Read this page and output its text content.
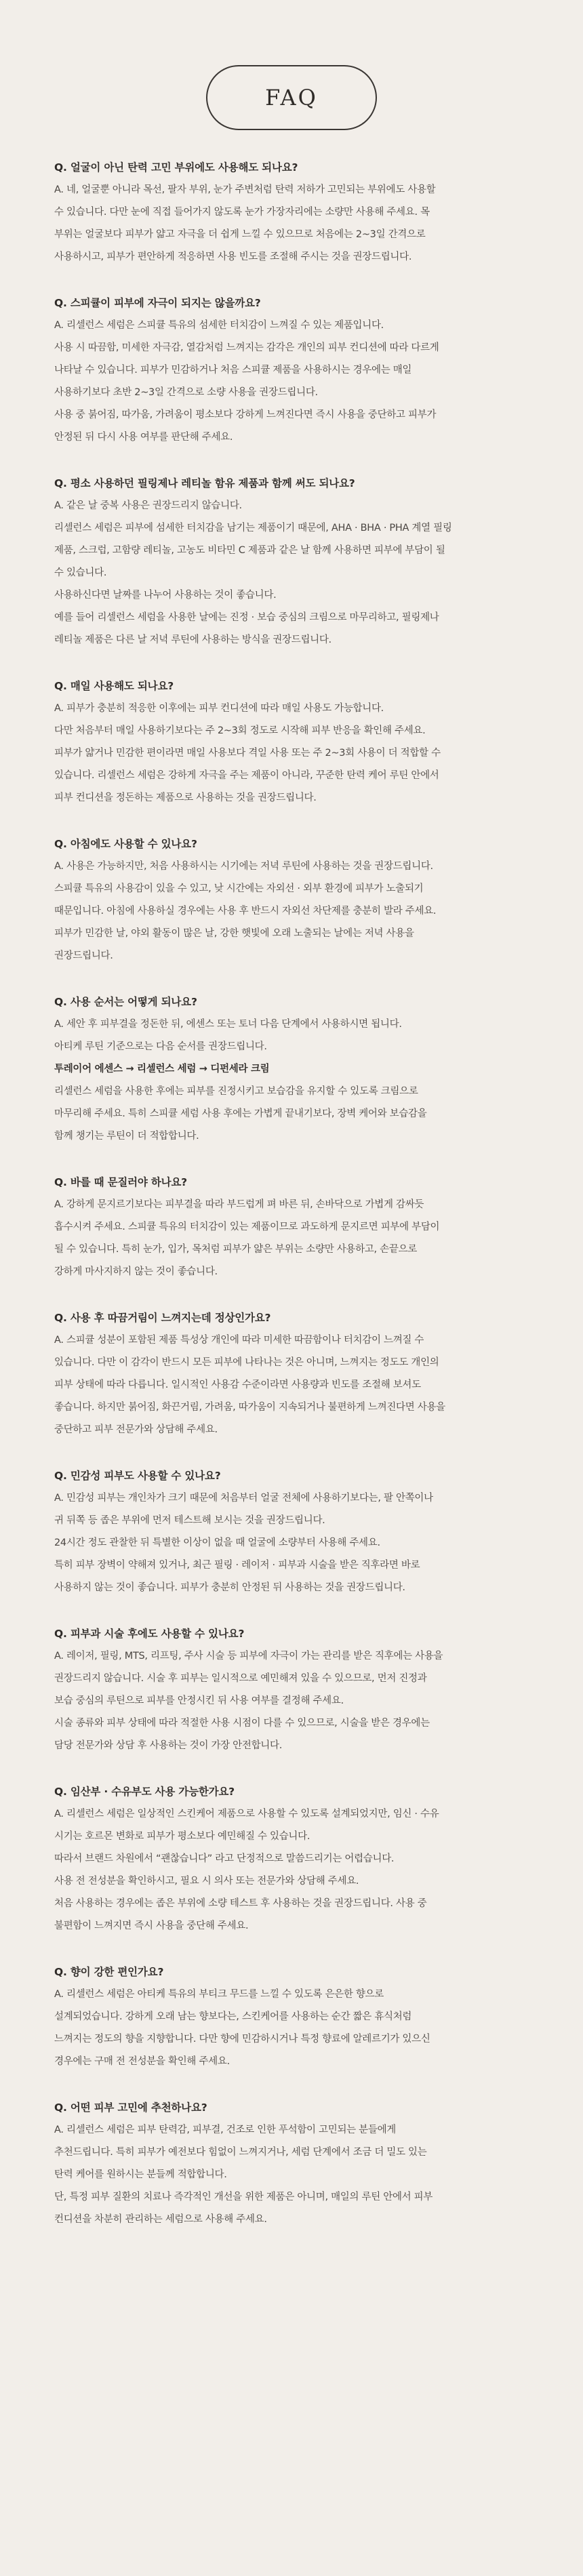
FAQ

Q. 얼굴이 아닌 탄력 고민 부위에도 사용해도 되나요?

A. 네, 얼굴뿐 아니라 목선, 팔자 부위, 눈가 주변처럼 탄력 저하가 고민되는 부위에도 사용할

수 있습니다. 다만 눈에 직접 들어가지 않도록 눈가 가장자리에는 소량만 사용해 주세요. 목

부위는 얼굴보다 피부가 얇고 자극을 더 쉽게 느낄 수 있으므로 처음에는 2~3일 간격으로

사용하시고, 피부가 편안하게 적응하면 사용 빈도를 조절해 주시는 것을 권장드립니다.

Q. 스피큘이 피부에 자극이 되지는 않을까요?

A. 리셀런스 세럼은 스피큘 특유의 섬세한 터치감이 느껴질 수 있는 제품입니다.

사용 시 따끔함, 미세한 자극감, 열감처럼 느껴지는 감각은 개인의 피부 컨디션에 따라 다르게

나타날 수 있습니다. 피부가 민감하거나 처음 스피큘 제품을 사용하시는 경우에는 매일

사용하기보다 초반 2~3일 간격으로 소량 사용을 권장드립니다.

사용 중 붉어짐, 따가움, 가려움이 평소보다 강하게 느껴진다면 즉시 사용을 중단하고 피부가

안정된 뒤 다시 사용 여부를 판단해 주세요.

Q. 평소 사용하던 필링제나 레티놀 함유 제품과 함께 써도 되나요?

A. 같은 날 중복 사용은 권장드리지 않습니다.

리셀런스 세럼은 피부에 섬세한 터치감을 남기는 제품이기 때문에, AHA · BHA · PHA 계열 필링

제품, 스크럽, 고함량 레티놀, 고농도 비타민 C 제품과 같은 날 함께 사용하면 피부에 부담이 될

수 있습니다.

사용하신다면 날짜를 나누어 사용하는 것이 좋습니다.

예를 들어 리셀런스 세럼을 사용한 날에는 진정 · 보습 중심의 크림으로 마무리하고, 필링제나

레티놀 제품은 다른 날 저녁 루틴에 사용하는 방식을 권장드립니다.

Q. 매일 사용해도 되나요?

A. 피부가 충분히 적응한 이후에는 피부 컨디션에 따라 매일 사용도 가능합니다.

다만 처음부터 매일 사용하기보다는 주 2~3회 정도로 시작해 피부 반응을 확인해 주세요.

피부가 얇거나 민감한 편이라면 매일 사용보다 격일 사용 또는 주 2~3회 사용이 더 적합할 수

있습니다. 리셀런스 세럼은 강하게 자극을 주는 제품이 아니라, 꾸준한 탄력 케어 루틴 안에서

피부 컨디션을 정돈하는 제품으로 사용하는 것을 권장드립니다.

Q. 아침에도 사용할 수 있나요?

A. 사용은 가능하지만, 처음 사용하시는 시기에는 저녁 루틴에 사용하는 것을 권장드립니다.

스피큘 특유의 사용감이 있을 수 있고, 낮 시간에는 자외선 · 외부 환경에 피부가 노출되기

때문입니다. 아침에 사용하실 경우에는 사용 후 반드시 자외선 차단제를 충분히 발라 주세요.

피부가 민감한 날, 야외 활동이 많은 날, 강한 햇빛에 오래 노출되는 날에는 저녁 사용을

권장드립니다.

Q. 사용 순서는 어떻게 되나요?

A. 세안 후 피부결을 정돈한 뒤, 에센스 또는 토너 다음 단계에서 사용하시면 됩니다.

아티케 루틴 기준으로는 다음 순서를 권장드립니다.

투레이어 에센스 → 리셀런스 세럼 → 디펀세라 크림

리셀런스 세럼을 사용한 후에는 피부를 진정시키고 보습감을 유지할 수 있도록 크림으로

마무리해 주세요. 특히 스피큘 세럼 사용 후에는 가볍게 끝내기보다, 장벽 케어와 보습감을

함께 챙기는 루틴이 더 적합합니다.

Q. 바를 때 문질러야 하나요?

A. 강하게 문지르기보다는 피부결을 따라 부드럽게 펴 바른 뒤, 손바닥으로 가볍게 감싸듯

흡수시켜 주세요. 스피큘 특유의 터치감이 있는 제품이므로 과도하게 문지르면 피부에 부담이

될 수 있습니다. 특히 눈가, 입가, 목처럼 피부가 얇은 부위는 소량만 사용하고, 손끝으로

강하게 마사지하지 않는 것이 좋습니다.

Q. 사용 후 따끔거림이 느껴지는데 정상인가요?

A. 스피큘 성분이 포함된 제품 특성상 개인에 따라 미세한 따끔함이나 터치감이 느껴질 수

있습니다. 다만 이 감각이 반드시 모든 피부에 나타나는 것은 아니며, 느껴지는 정도도 개인의

피부 상태에 따라 다릅니다. 일시적인 사용감 수준이라면 사용량과 빈도를 조절해 보셔도

좋습니다. 하지만 붉어짐, 화끈거림, 가려움, 따가움이 지속되거나 불편하게 느껴진다면 사용을

중단하고 피부 전문가와 상담해 주세요.

Q. 민감성 피부도 사용할 수 있나요?

A. 민감성 피부는 개인차가 크기 때문에 처음부터 얼굴 전체에 사용하기보다는, 팔 안쪽이나

귀 뒤쪽 등 좁은 부위에 먼저 테스트해 보시는 것을 권장드립니다.

24시간 정도 관찰한 뒤 특별한 이상이 없을 때 얼굴에 소량부터 사용해 주세요.

특히 피부 장벽이 약해져 있거나, 최근 필링 · 레이저 · 피부과 시술을 받은 직후라면 바로

사용하지 않는 것이 좋습니다. 피부가 충분히 안정된 뒤 사용하는 것을 권장드립니다.

Q. 피부과 시술 후에도 사용할 수 있나요?

A. 레이저, 필링, MTS, 리프팅, 주사 시술 등 피부에 자극이 가는 관리를 받은 직후에는 사용을

권장드리지 않습니다. 시술 후 피부는 일시적으로 예민해져 있을 수 있으므로, 먼저 진정과

보습 중심의 루틴으로 피부를 안정시킨 뒤 사용 여부를 결정해 주세요.

시술 종류와 피부 상태에 따라 적절한 사용 시점이 다를 수 있으므로, 시술을 받은 경우에는

담당 전문가와 상담 후 사용하는 것이 가장 안전합니다.

Q. 임산부 · 수유부도 사용 가능한가요?

A. 리셀런스 세럼은 일상적인 스킨케어 제품으로 사용할 수 있도록 설계되었지만, 임신 · 수유

시기는 호르몬 변화로 피부가 평소보다 예민해질 수 있습니다.

따라서 브랜드 차원에서 “괜찮습니다” 라고 단정적으로 말씀드리기는 어렵습니다.

사용 전 전성분을 확인하시고, 필요 시 의사 또는 전문가와 상담해 주세요.

처음 사용하는 경우에는 좁은 부위에 소량 테스트 후 사용하는 것을 권장드립니다. 사용 중

불편함이 느껴지면 즉시 사용을 중단해 주세요.

Q. 향이 강한 편인가요?

A. 리셀런스 세럼은 아티케 특유의 부티크 무드를 느낄 수 있도록 은은한 향으로

설계되었습니다. 강하게 오래 남는 향보다는, 스킨케어를 사용하는 순간 짧은 휴식처럼

느껴지는 정도의 향을 지향합니다. 다만 향에 민감하시거나 특정 향료에 알레르기가 있으신

경우에는 구매 전 전성분을 확인해 주세요.

Q. 어떤 피부 고민에 추천하나요?

A. 리셀런스 세럼은 피부 탄력감, 피부결, 건조로 인한 푸석함이 고민되는 분들에게

추천드립니다. 특히 피부가 예전보다 힘없이 느껴지거나, 세럼 단계에서 조금 더 밀도 있는

탄력 케어를 원하시는 분들께 적합합니다.

단, 특정 피부 질환의 치료나 즉각적인 개선을 위한 제품은 아니며, 매일의 루틴 안에서 피부

컨디션을 차분히 관리하는 세럼으로 사용해 주세요.
